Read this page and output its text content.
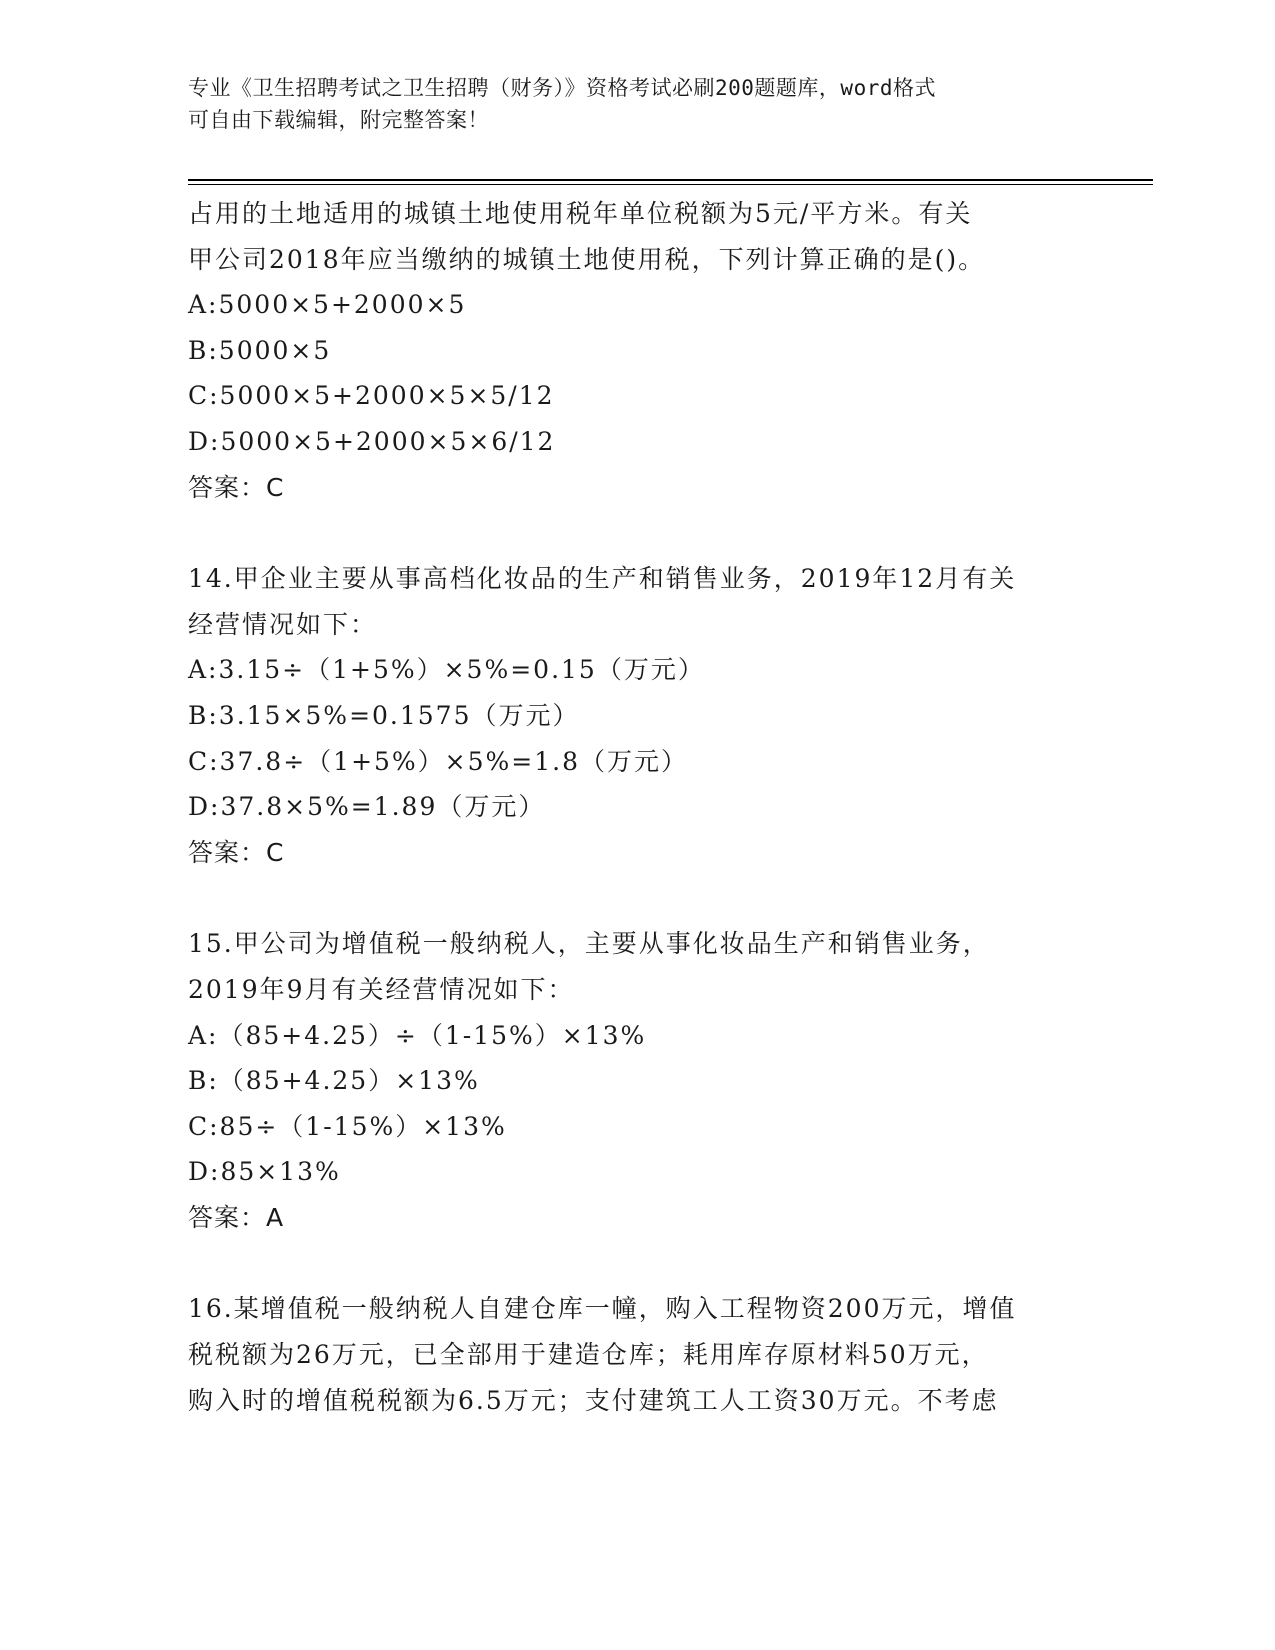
专业《卫生招聘考试之卫生招聘（财务）》资格考试必刷200题题库，word格式
可自由下载编辑，附完整答案！
占用的土地适用的城镇土地使用税年单位税额为5元/平方米。有关
甲公司2018年应当缴纳的城镇土地使用税，下列计算正确的是()。
A:5000×5+2000×5
B:5000×5
C:5000×5+2000×5×5/12
D:5000×5+2000×5×6/12
答案：C
14.甲企业主要从事高档化妆品的生产和销售业务，2019年12月有关
经营情况如下：
A:3.15÷（1+5%）×5%=0.15（万元）
B:3.15×5%=0.1575（万元）
C:37.8÷（1+5%）×5%=1.8（万元）
D:37.8×5%=1.89（万元）
答案：C
15.甲公司为增值税一般纳税人，主要从事化妆品生产和销售业务，
2019年9月有关经营情况如下：
A:（85+4.25）÷（1-15%）×13%
B:（85+4.25）×13%
C:85÷（1-15%）×13%
D:85×13%
答案：A
16.某增值税一般纳税人自建仓库一幢，购入工程物资200万元，增值
税税额为26万元，已全部用于建造仓库；耗用库存原材料50万元，
购入时的增值税税额为6.5万元；支付建筑工人工资30万元。不考虑
